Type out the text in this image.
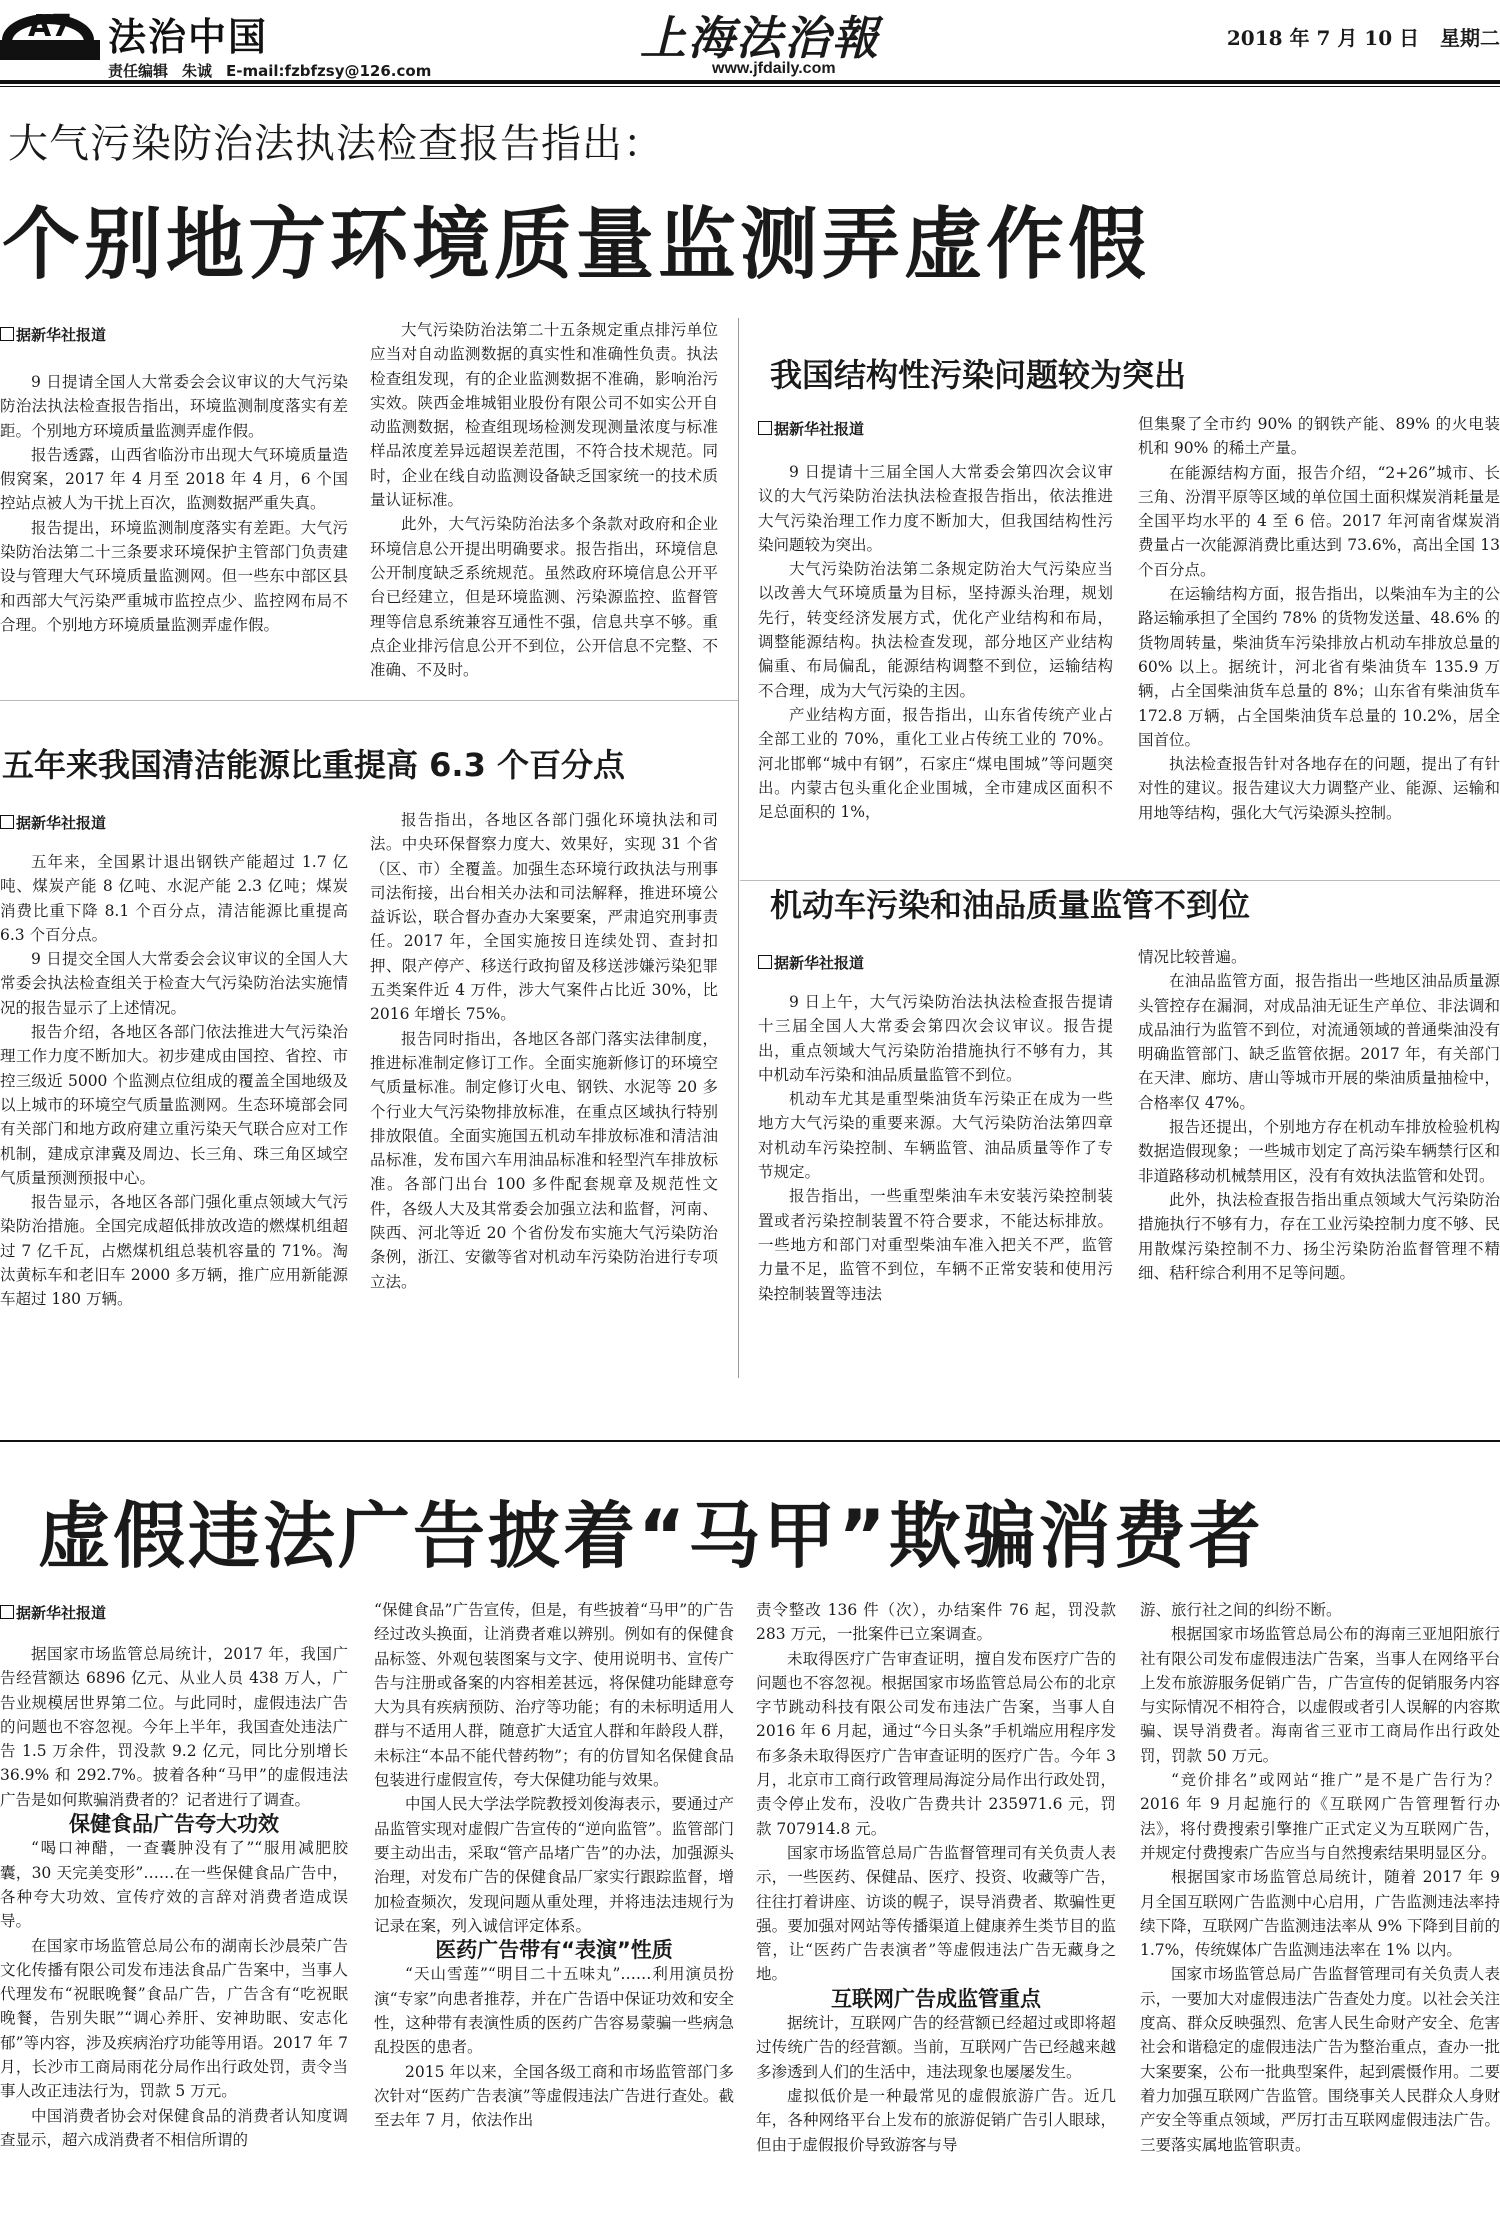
A7 法治中国
责任编辑 朱诚 E-mail:fzbfzsy@126.com
上海法治報
www.jfdaily.com
2018 年 7 月 10 日 星期二
大气污染防治法执法检查报告指出：
个别地方环境质量监测弄虚作假
据新华社报道

9 日提请全国人大常委会会议审议的大气污染防治法执法检查报告指出，环境监测制度落实有差距。个别地方环境质量监测弄虚作假。

报告透露，山西省临汾市出现大气环境质量造假窝案，2017 年 4 月至 2018 年 4 月，6 个国控站点被人为干扰上百次，监测数据严重失真。

报告提出，环境监测制度落实有差距。大气污染防治法第二十三条要求环境保护主管部门负责建设与管理大气环境质量监测网。但一些东中部区县和西部大气污染严重城市监控点少、监控网布局不合理。个别地方环境质量监测弄虚作假。

大气污染防治法第二十五条规定重点排污单位应当对自动监测数据的真实性和准确性负责。执法检查组发现，有的企业监测数据不准确，影响治污实效。陕西金堆城钼业股份有限公司不如实公开自动监测数据，检查组现场检测发现测量浓度与标准样品浓度差异远超误差范围，不符合技术规范。同时，企业在线自动监测设备缺乏国家统一的技术质量认证标准。

此外，大气污染防治法多个条款对政府和企业环境信息公开提出明确要求。报告指出，环境信息公开制度缺乏系统规范。虽然政府环境信息公开平台已经建立，但是环境监测、污染源监控、监督管理等信息系统兼容互通性不强，信息共享不够。重点企业排污信息公开不到位，公开信息不完整、不准确、不及时。

我国结构性污染问题较为突出
据新华社报道

9 日提请十三届全国人大常委会第四次会议审议的大气污染防治法执法检查报告指出，依法推进大气污染治理工作力度不断加大，但我国结构性污染问题较为突出。

大气污染防治法第二条规定防治大气污染应当以改善大气环境质量为目标，坚持源头治理，规划先行，转变经济发展方式，优化产业结构和布局，调整能源结构。执法检查发现，部分地区产业结构偏重、布局偏乱，能源结构调整不到位，运输结构不合理，成为大气污染的主因。

产业结构方面，报告指出，山东省传统产业占全部工业的 70%，重化工业占传统工业的 70%。河北邯郸“城中有钢”，石家庄“煤电围城”等问题突出。内蒙古包头重化企业围城，全市建成区面积不足总面积的 1%，

但集聚了全市约 90% 的钢铁产能、89% 的火电装机和 90% 的稀土产量。

在能源结构方面，报告介绍，“2+26”城市、长三角、汾渭平原等区域的单位国土面积煤炭消耗量是全国平均水平的 4 至 6 倍。2017 年河南省煤炭消费量占一次能源消费比重达到 73.6%，高出全国 13 个百分点。

在运输结构方面，报告指出，以柴油车为主的公路运输承担了全国约 78% 的货物发送量、48.6% 的货物周转量，柴油货车污染排放占机动车排放总量的 60% 以上。据统计，河北省有柴油货车 135.9 万辆，占全国柴油货车总量的 8%；山东省有柴油货车 172.8 万辆，占全国柴油货车总量的 10.2%，居全国首位。

执法检查报告针对各地存在的问题，提出了有针对性的建议。报告建议大力调整产业、能源、运输和用地等结构，强化大气污染源头控制。

五年来我国清洁能源比重提高 6.3 个百分点
据新华社报道

五年来，全国累计退出钢铁产能超过 1.7 亿吨、煤炭产能 8 亿吨、水泥产能 2.3 亿吨；煤炭消费比重下降 8.1 个百分点，清洁能源比重提高 6.3 个百分点。

9 日提交全国人大常委会会议审议的全国人大常委会执法检查组关于检查大气污染防治法实施情况的报告显示了上述情况。

报告介绍，各地区各部门依法推进大气污染治理工作力度不断加大。初步建成由国控、省控、市控三级近 5000 个监测点位组成的覆盖全国地级及以上城市的环境空气质量监测网。生态环境部会同有关部门和地方政府建立重污染天气联合应对工作机制，建成京津冀及周边、长三角、珠三角区域空气质量预测预报中心。

报告显示，各地区各部门强化重点领域大气污染防治措施。全国完成超低排放改造的燃煤机组超过 7 亿千瓦，占燃煤机组总装机容量的 71%。淘汰黄标车和老旧车 2000 多万辆，推广应用新能源车超过 180 万辆。

报告指出，各地区各部门强化环境执法和司法。中央环保督察力度大、效果好，实现 31 个省（区、市）全覆盖。加强生态环境行政执法与刑事司法衔接，出台相关办法和司法解释，推进环境公益诉讼，联合督办查办大案要案，严肃追究刑事责任。2017 年，全国实施按日连续处罚、查封扣押、限产停产、移送行政拘留及移送涉嫌污染犯罪五类案件近 4 万件，涉大气案件占比近 30%，比 2016 年增长 75%。

报告同时指出，各地区各部门落实法律制度，推进标准制定修订工作。全面实施新修订的环境空气质量标准。制定修订火电、钢铁、水泥等 20 多个行业大气污染物排放标准，在重点区域执行特别排放限值。全面实施国五机动车排放标准和清洁油品标准，发布国六车用油品标准和轻型汽车排放标准。各部门出台 100 多件配套规章及规范性文件，各级人大及其常委会加强立法和监督，河南、陕西、河北等近 20 个省份发布实施大气污染防治条例，浙江、安徽等省对机动车污染防治进行专项立法。

机动车污染和油品质量监管不到位
据新华社报道

9 日上午，大气污染防治法执法检查报告提请十三届全国人大常委会第四次会议审议。报告提出，重点领域大气污染防治措施执行不够有力，其中机动车污染和油品质量监管不到位。

机动车尤其是重型柴油货车污染正在成为一些地方大气污染的重要来源。大气污染防治法第四章对机动车污染控制、车辆监管、油品质量等作了专节规定。

报告指出，一些重型柴油车未安装污染控制装置或者污染控制装置不符合要求，不能达标排放。一些地方和部门对重型柴油车准入把关不严，监管力量不足，监管不到位，车辆不正常安装和使用污染控制装置等违法

情况比较普遍。

在油品监管方面，报告指出一些地区油品质量源头管控存在漏洞，对成品油无证生产单位、非法调和成品油行为监管不到位，对流通领域的普通柴油没有明确监管部门、缺乏监管依据。2017 年，有关部门在天津、廊坊、唐山等城市开展的柴油质量抽检中，合格率仅 47%。

报告还提出，个别地方存在机动车排放检验机构数据造假现象；一些城市划定了高污染车辆禁行区和非道路移动机械禁用区，没有有效执法监管和处罚。

此外，执法检查报告指出重点领域大气污染防治措施执行不够有力，存在工业污染控制力度不够、民用散煤污染控制不力、扬尘污染防治监督管理不精细、秸秆综合利用不足等问题。

虚假违法广告披着“马甲”欺骗消费者
据新华社报道

据国家市场监管总局统计，2017 年，我国广告经营额达 6896 亿元、从业人员 438 万人，广告业规模居世界第二位。与此同时，虚假违法广告的问题也不容忽视。今年上半年，我国查处违法广告 1.5 万余件，罚没款 9.2 亿元，同比分别增长 36.9% 和 292.7%。披着各种“马甲”的虚假违法广告是如何欺骗消费者的？记者进行了调查。

保健食品广告夸大功效

“喝口神醋，一查囊肿没有了”“服用减肥胶囊，30 天完美变形”……在一些保健食品广告中，各种夸大功效、宣传疗效的言辞对消费者造成误导。

在国家市场监管总局公布的湖南长沙晨荣广告文化传播有限公司发布违法食品广告案中，当事人代理发布“祝眠晚餐”食品广告，广告含有“吃祝眠晚餐，告别失眠”“调心养肝、安神助眠、安志化郁”等内容，涉及疾病治疗功能等用语。2017 年 7 月，长沙市工商局雨花分局作出行政处罚，责令当事人改正违法行为，罚款 5 万元。

中国消费者协会对保健食品的消费者认知度调查显示，超六成消费者不相信所谓的

“保健食品”广告宣传，但是，有些披着“马甲”的广告经过改头换面，让消费者难以辨别。例如有的保健食品标签、外观包装图案与文字、使用说明书、宣传广告与注册或备案的内容相差甚远，将保健功能肆意夸大为具有疾病预防、治疗等功能；有的未标明适用人群与不适用人群，随意扩大适宜人群和年龄段人群，未标注“本品不能代替药物”；有的仿冒知名保健食品包装进行虚假宣传，夸大保健功能与效果。

中国人民大学法学院教授刘俊海表示，要通过产品监管实现对虚假广告宣传的“逆向监管”。监管部门要主动出击，采取“管产品堵广告”的办法，加强源头治理，对发布广告的保健食品厂家实行跟踪监督，增加检查频次，发现问题从重处理，并将违法违规行为记录在案，列入诚信评定体系。

医药广告带有“表演”性质

“天山雪莲”“明目二十五味丸”……利用演员扮演“专家”向患者推荐，并在广告语中保证功效和安全性，这种带有表演性质的医药广告容易蒙骗一些病急乱投医的患者。

2015 年以来，全国各级工商和市场监管部门多次针对“医药广告表演”等虚假违法广告进行查处。截至去年 7 月，依法作出

责令整改 136 件（次），办结案件 76 起，罚没款 283 万元，一批案件已立案调查。

未取得医疗广告审查证明，擅自发布医疗广告的问题也不容忽视。根据国家市场监管总局公布的北京字节跳动科技有限公司发布违法广告案，当事人自 2016 年 6 月起，通过“今日头条”手机端应用程序发布多条未取得医疗广告审查证明的医疗广告。今年 3 月，北京市工商行政管理局海淀分局作出行政处罚，责令停止发布，没收广告费共计 235971.6 元，罚款 707914.8 元。

国家市场监管总局广告监督管理司有关负责人表示，一些医药、保健品、医疗、投资、收藏等广告，往往打着讲座、访谈的幌子，误导消费者、欺骗性更强。要加强对网站等传播渠道上健康养生类节目的监管，让“医药广告表演者”等虚假违法广告无藏身之地。

互联网广告成监管重点

据统计，互联网广告的经营额已经超过或即将超过传统广告的经营额。当前，互联网广告已经越来越多渗透到人们的生活中，违法现象也屡屡发生。

虚拟低价是一种最常见的虚假旅游广告。近几年，各种网络平台上发布的旅游促销广告引人眼球，但由于虚假报价导致游客与导

游、旅行社之间的纠纷不断。

根据国家市场监管总局公布的海南三亚旭阳旅行社有限公司发布虚假违法广告案，当事人在网络平台上发布旅游服务促销广告，广告宣传的促销服务内容与实际情况不相符合，以虚假或者引人误解的内容欺骗、误导消费者。海南省三亚市工商局作出行政处罚，罚款 50 万元。

“竞价排名”或网站“推广”是不是广告行为？2016 年 9 月起施行的《互联网广告管理暂行办法》，将付费搜索引擎推广正式定义为互联网广告，并规定付费搜索广告应当与自然搜索结果明显区分。

根据国家市场监管总局统计，随着 2017 年 9 月全国互联网广告监测中心启用，广告监测违法率持续下降，互联网广告监测违法率从 9% 下降到目前的 1.7%，传统媒体广告监测违法率在 1% 以内。

国家市场监管总局广告监督管理司有关负责人表示，一要加大对虚假违法广告查处力度。以社会关注度高、群众反映强烈、危害人民生命财产安全、危害社会和谐稳定的虚假违法广告为整治重点，查办一批大案要案，公布一批典型案件，起到震慑作用。二要着力加强互联网广告监管。围绕事关人民群众人身财产安全等重点领域，严厉打击互联网虚假违法广告。三要落实属地监管职责。
